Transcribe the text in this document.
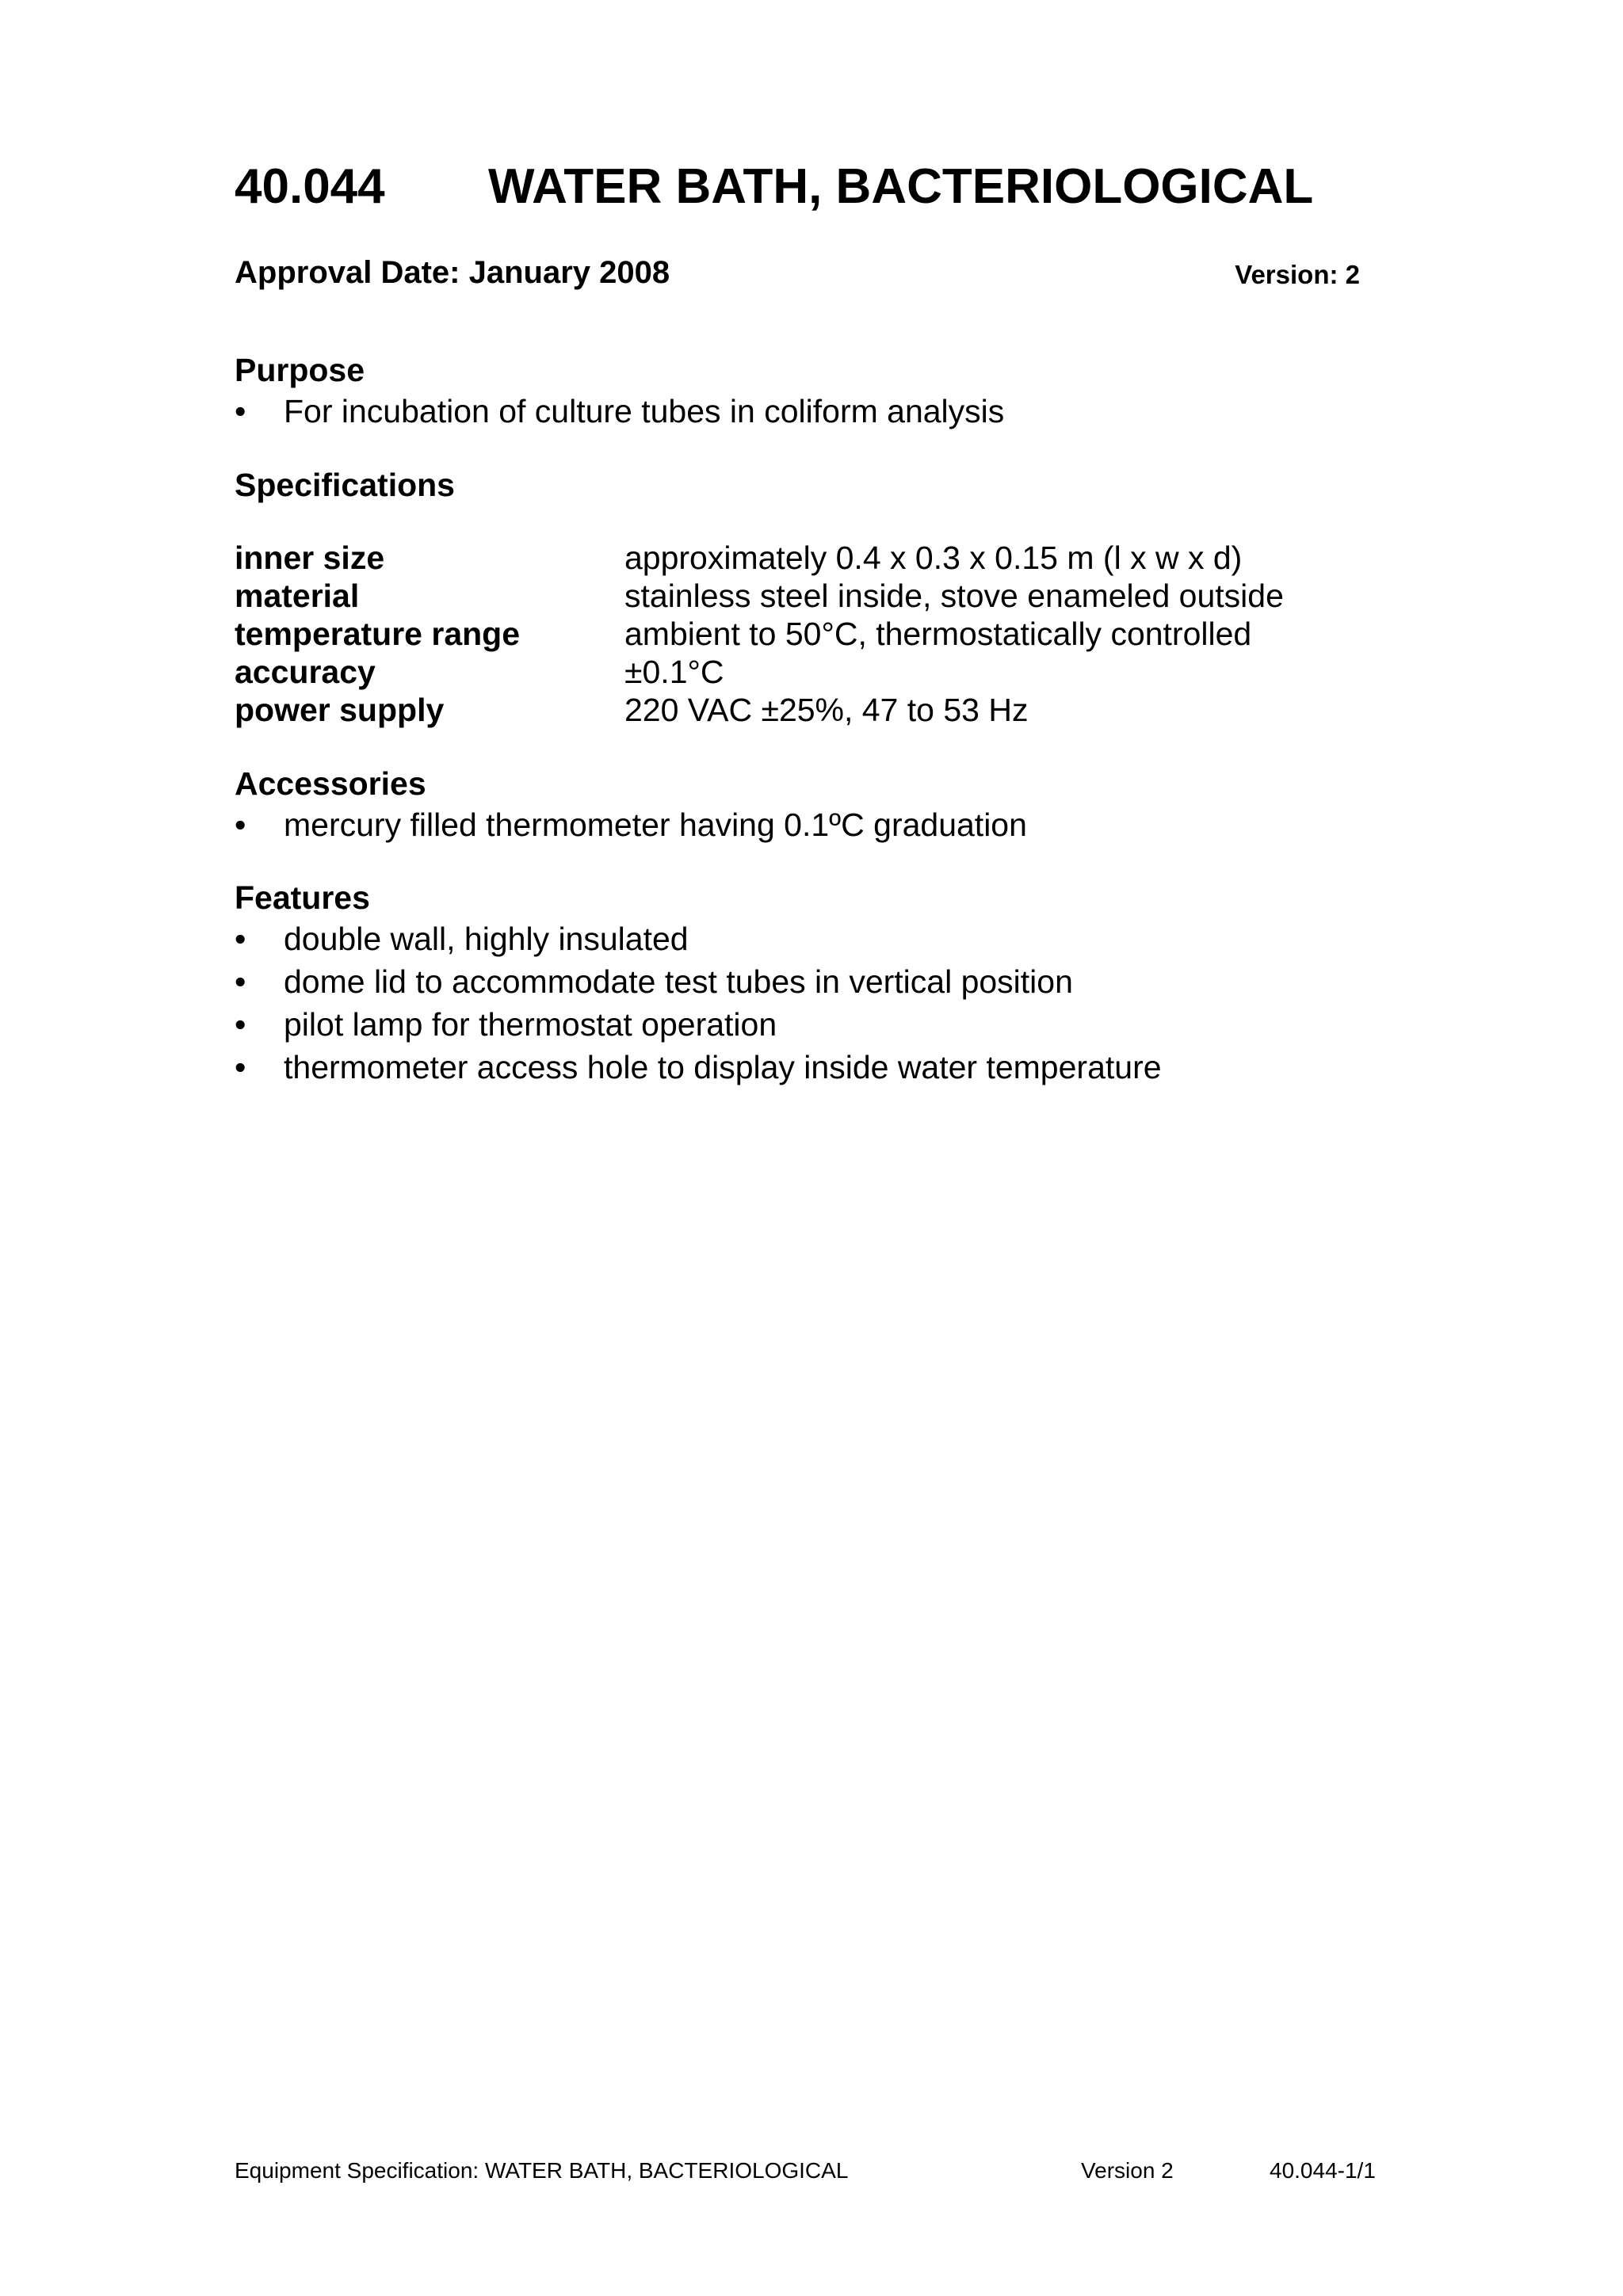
40.044 WATER BATH, BACTERIOLOGICAL
Approval Date: January 2008	Version: 2
Purpose
• For incubation of culture tubes in coliform analysis
Specifications
inner size	approximately 0.4 x 0.3 x 0.15 m (l x w x d)
material	stainless steel inside, stove enameled outside
temperature range	ambient to 50°C, thermostatically controlled
accuracy	±0.1°C
power supply	220 VAC ±25%, 47 to 53 Hz
Accessories
• mercury filled thermometer having 0.1ºC graduation
Features
• double wall, highly insulated
• dome lid to accommodate test tubes in vertical position
• pilot lamp for thermostat operation
• thermometer access hole to display inside water temperature
Equipment Specification: WATER BATH, BACTERIOLOGICAL	Version 2	40.044-1/1
